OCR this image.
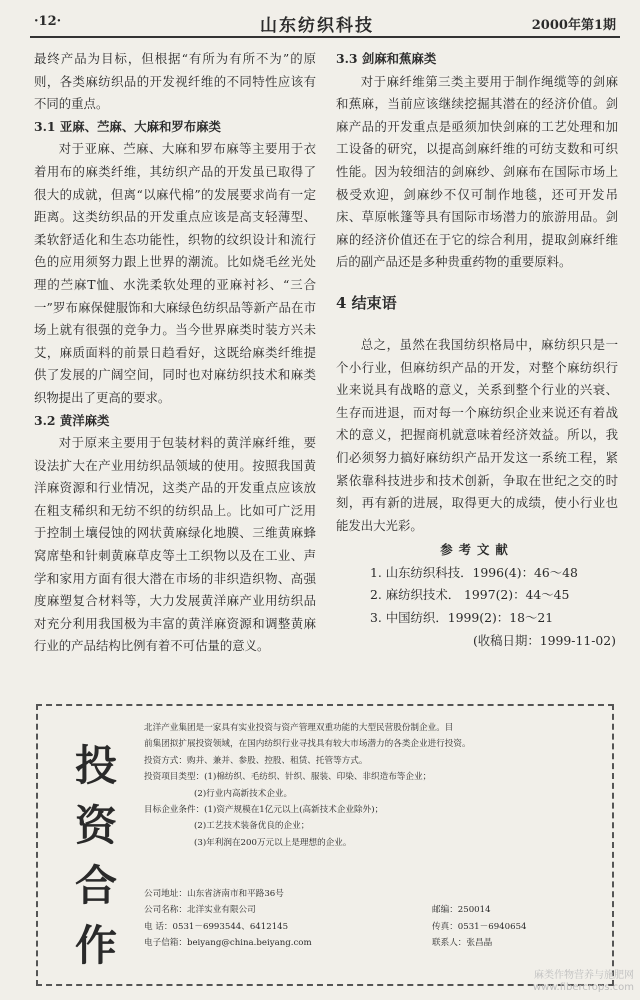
·12·	山东纺织科技	2000年第1期

最终产品为目标，但根据“有所为有所不为”的原则，各类麻纺织品的开发视纤维的不同特性应该有不同的重点。

3.1 亚麻、苎麻、大麻和罗布麻类

对于亚麻、苎麻、大麻和罗布麻等主要用于衣着用布的麻类纤维，其纺织产品的开发虽已取得了很大的成就，但离“以麻代棉”的发展要求尚有一定距离。这类纺织品的开发重点应该是高支轻薄型、柔软舒适化和生态功能性，织物的纹织设计和流行色的应用须努力跟上世界的潮流。比如烧毛丝光处理的苎麻T恤、水洗柔软处理的亚麻衬衫、“三合一”罗布麻保健服饰和大麻绿色纺织品等新产品在市场上就有很强的竞争力。当今世界麻类时装方兴未艾，麻质面料的前景日趋看好，这既给麻类纤维提供了发展的广阔空间，同时也对麻纺织技术和麻类织物提出了更高的要求。

3.2 黄洋麻类

对于原来主要用于包装材料的黄洋麻纤维，要设法扩大在产业用纺织品领域的使用。按照我国黄洋麻资源和行业情况，这类产品的开发重点应该放在粗支稀织和无纺不织的纺织品上。比如可广泛用于控制土壤侵蚀的网状黄麻绿化地膜、三维黄麻蜂窝席垫和针刺黄麻草皮等土工织物以及在工业、声学和家用方面有很大潜在市场的非织造织物、高强度麻塑复合材料等，大力发展黄洋麻产业用纺织品对充分利用我国极为丰富的黄洋麻资源和调整黄麻行业的产品结构比例有着不可估量的意义。

3.3 剑麻和蕉麻类

对于麻纤维第三类主要用于制作绳缆等的剑麻和蕉麻，当前应该继续挖掘其潜在的经济价值。剑麻产品的开发重点是亟须加快剑麻的工艺处理和加工设备的研究，以提高剑麻纤维的可纺支数和可织性能。因为较细洁的剑麻纱、剑麻布在国际市场上极受欢迎，剑麻纱不仅可制作地毯，还可开发吊床、草原帐篷等具有国际市场潜力的旅游用品。剑麻的经济价值还在于它的综合利用，提取剑麻纤维后的副产品还是多种贵重药物的重要原料。

4 结束语

总之，虽然在我国纺织格局中，麻纺织只是一个小行业，但麻纺织产品的开发，对整个麻纺织行业来说具有战略的意义，关系到整个行业的兴衰、生存而进退，而对每一个麻纺织企业来说还有着战术的意义，把握商机就意味着经济效益。所以，我们必须努力搞好麻纺织产品开发这一系统工程，紧紧依靠科技进步和技术创新，争取在世纪之交的时刻，再有新的进展，取得更大的成绩，使小行业也能发出大光彩。

参考文献
1. 山东纺织科技．1996(4)：46～48
2. 麻纺织技术． 1997(2)：44～45
3. 中国纺织．1999(2)：18～21
(收稿日期：1999-11-02)
投
资
合
作
北洋产业集团是一家具有实业投资与资产管理双重功能的大型民营股份制企业。目
前集团拟扩展投资领域，在国内纺织行业寻找具有较大市场潜力的各类企业进行投资。
投资方式：购并、兼并、参股、控股、租赁、托管等方式。
投资项目类型：(1)棉纺织、毛纺织、针织、服装、印染、非织造布等企业；
(2)行业内高新技术企业。
目标企业条件：(1)资产规模在1亿元以上(高新技术企业除外)；
(2)工艺技术装备优良的企业；
(3)年利润在200万元以上是理想的企业。
公司地址：山东省济南市和平路36号
公司名称：北洋实业有限公司	邮编：250014
电 话：0531－6993544、6412145	传真：0531－6940654
电子信箱：beiyang@china.beiyang.com	联系人：张昌晶
麻类作物营养与施肥网
www.fibercrops.com
